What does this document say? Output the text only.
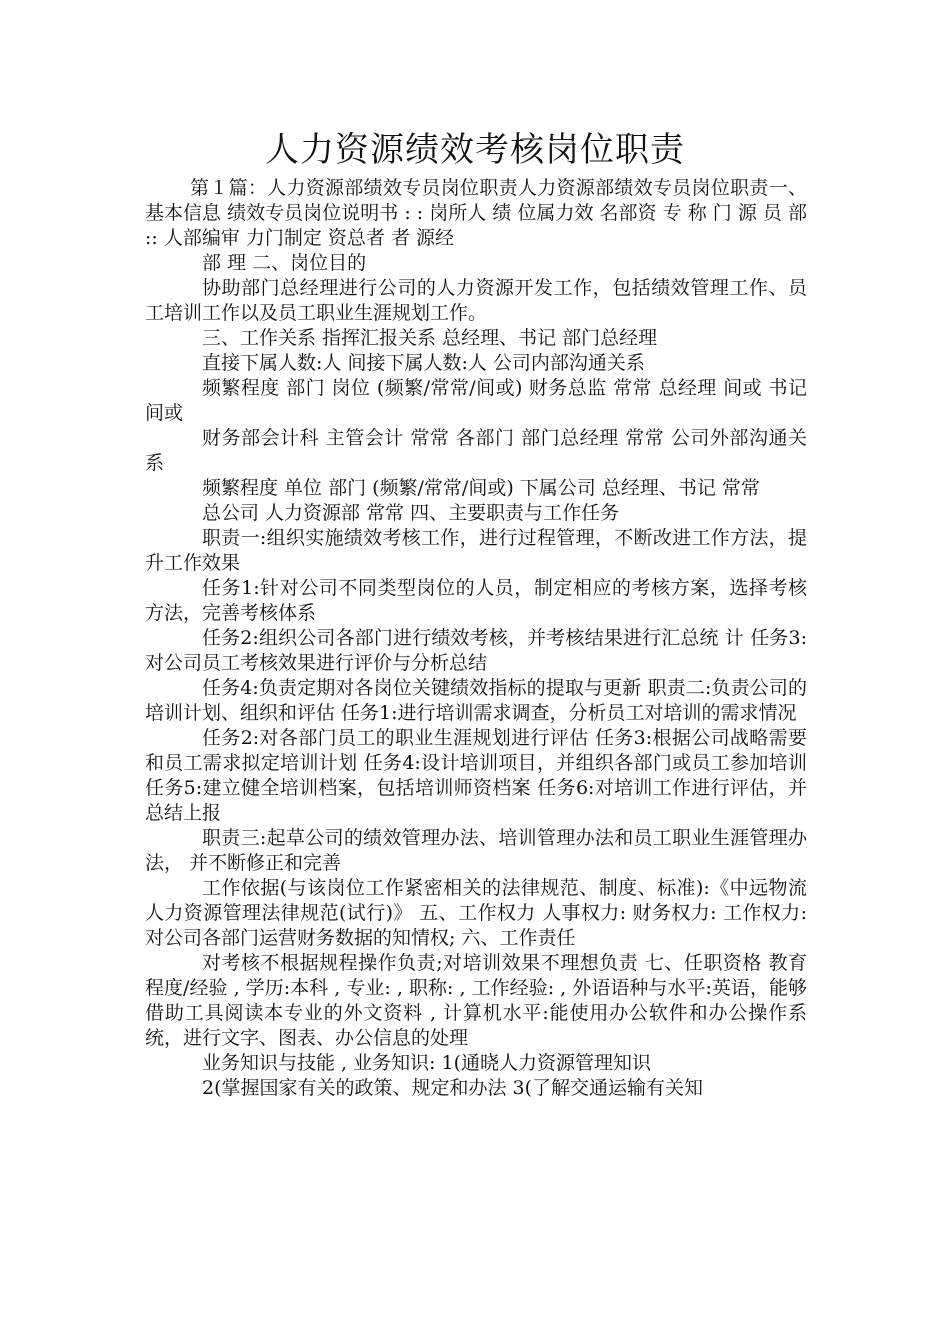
人力资源绩效考核岗位职责

第１篇：人力资源部绩效专员岗位职责人力资源部绩效专员岗位职责一、基本信息 绩效专员岗位说明书 : : 岗所人 绩 位属力效 名部资 专 称 门 源 员 部 :: 人部编审 力门制定 资总者 者 源经

部 理 二、岗位目的

协助部门总经理进行公司的人力资源开发工作，包括绩效管理工作、员工培训工作以及员工职业生涯规划工作。

三、工作关系 指挥汇报关系 总经理、书记 部门总经理

直接下属人数:人 间接下属人数:人 公司内部沟通关系

频繁程度 部门 岗位 (频繁/常常/间或) 财务总监 常常 总经理 间或 书记 间或

财务部会计科 主管会计 常常 各部门 部门总经理 常常 公司外部沟通关系

频繁程度 单位 部门 (频繁/常常/间或) 下属公司 总经理、书记 常常

总公司 人力资源部 常常 四、主要职责与工作任务

职责一:组织实施绩效考核工作，进行过程管理，不断改进工作方法，提升工作效果

任务1:针对公司不同类型岗位的人员，制定相应的考核方案，选择考核方法，完善考核体系

任务2:组织公司各部门进行绩效考核，并考核结果进行汇总统 计 任务3:对公司员工考核效果进行评价与分析总结

任务4:负责定期对各岗位关键绩效指标的提取与更新 职责二:负责公司的培训计划、组织和评估 任务1:进行培训需求调查，分析员工对培训的需求情况

任务2:对各部门员工的职业生涯规划进行评估 任务3:根据公司战略需要和员工需求拟定培训计划 任务4:设计培训项目，并组织各部门或员工参加培训 任务5:建立健全培训档案，包括培训师资档案 任务6:对培训工作进行评估，并总结上报

职责三:起草公司的绩效管理办法、培训管理办法和员工职业生涯管理办法， 并不断修正和完善

工作依据(与该岗位工作紧密相关的法律规范、制度、标准):《中远物流人力资源管理法律规范(试行)》 五、工作权力 人事权力: 财务权力: 工作权力: 对公司各部门运营财务数据的知情权; 六、工作责任

对考核不根据规程操作负责;对培训效果不理想负责 七、任职资格 教育程度/经验 , 学历:本科 , 专业: , 职称: , 工作经验: , 外语语种与水平:英语，能够借助工具阅读本专业的外文资料 , 计算机水平:能使用办公软件和办公操作系统，进行文字、图表、办公信息的处理

业务知识与技能 , 业务知识: 1(通晓人力资源管理知识

2(掌握国家有关的政策、规定和办法 3(了解交通运输有关知
